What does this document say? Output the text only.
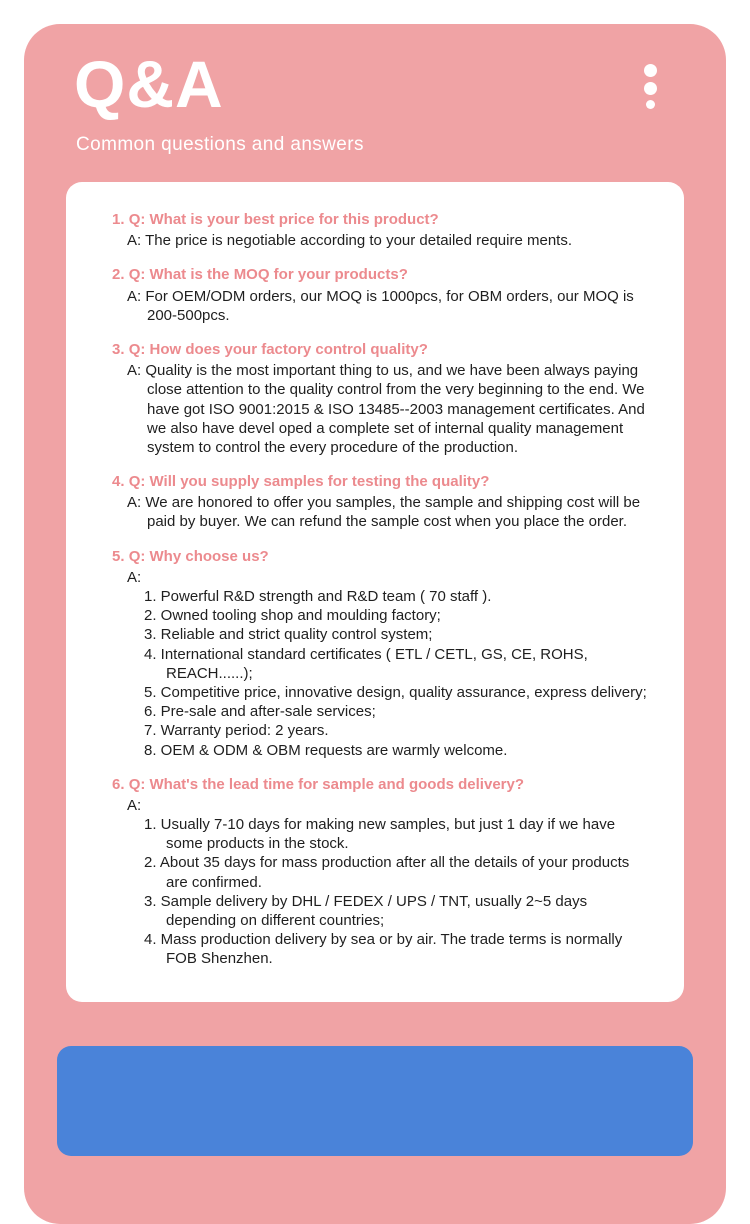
Q&A
Common questions and answers
1. Q: What is your best price for this product?
A: The price is negotiable according to your detailed require ments.
2. Q: What is the MOQ for your products?
A: For OEM/ODM orders, our MOQ is 1000pcs, for OBM orders, our MOQ is 200-500pcs.
3. Q: How does your factory control quality?
A: Quality is the most important thing to us, and we have been always paying close attention to the quality control from the very beginning to the end. We have got ISO 9001:2015 & ISO 13485--2003 management certificates. And we also have devel oped a complete set of internal quality management system to control the every procedure of the production.
4. Q: Will you supply samples for testing the quality?
A: We are honored to offer you samples, the sample and shipping cost will be paid by buyer. We can refund the sample cost when you place the order.
5. Q: Why choose us?
A:
1. Powerful R&D strength and R&D team ( 70 staff ).
2. Owned tooling shop and moulding factory;
3. Reliable and strict quality control system;
4. International standard certificates ( ETL / CETL, GS, CE, ROHS, REACH......);
5. Competitive price, innovative design, quality assurance, express delivery;
6. Pre-sale and after-sale services;
7. Warranty period: 2 years.
8. OEM & ODM & OBM requests are warmly welcome.
6. Q: What's the lead time for sample and goods delivery?
A:
1. Usually 7-10 days for making new samples, but just 1 day if we have some products in the stock.
2. About 35 days for mass production after all the details of your products are confirmed.
3. Sample delivery by DHL / FEDEX / UPS / TNT, usually 2~5 days depending on different countries;
4. Mass production delivery by sea or by air. The trade terms is normally FOB Shenzhen.
